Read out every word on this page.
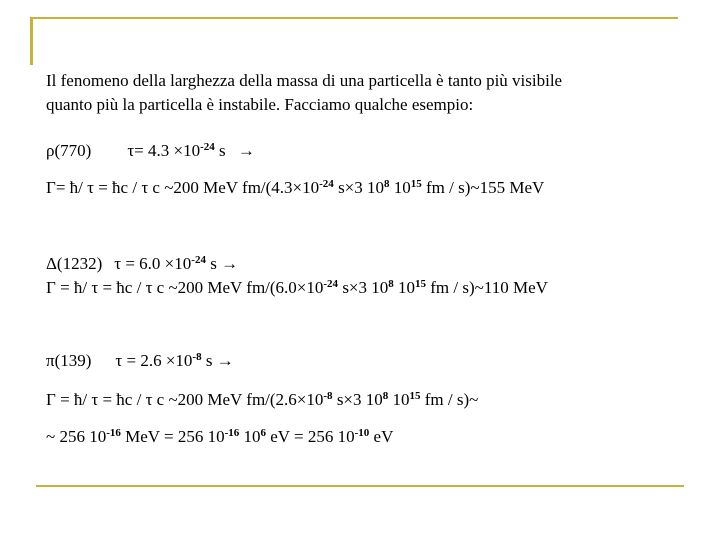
Il fenomeno della larghezza della massa di una particella è tanto più visibile
quanto più la particella è instabile. Facciamo qualche esempio:
ρ(770) $\tau= 4.3 \times 10^{-24}$ s →
Γ= ħ/ τ = ħc / τ c ~200 MeV $fm/(4.3\times 10^{-24}$ s×3 $10^8$ $10^{15}$ fm / s)~155 MeV
Δ(1232) $\tau = 6.0 \times 10^{-24}$ s →
Γ = ħ/ τ = ħc / τ c ~200 MeV $fm/(6.0\times 10^{-24}$ s×3 $10^8$ $10^{15}$ fm / s)~110 MeV
π(139) $\tau = 2.6 \times 10^{-8}$ s →
Γ = ħ/ τ = ħc / τ c ~200 MeV $fm/(2.6\times 10^{-8}$ s×3 $10^8$ $10^{15}$ fm / s)~
~ 256 $10^{-16}$ MeV = 256 $10^{-16}$ $10^6$ eV = 256 $10^{-10}$ eV
